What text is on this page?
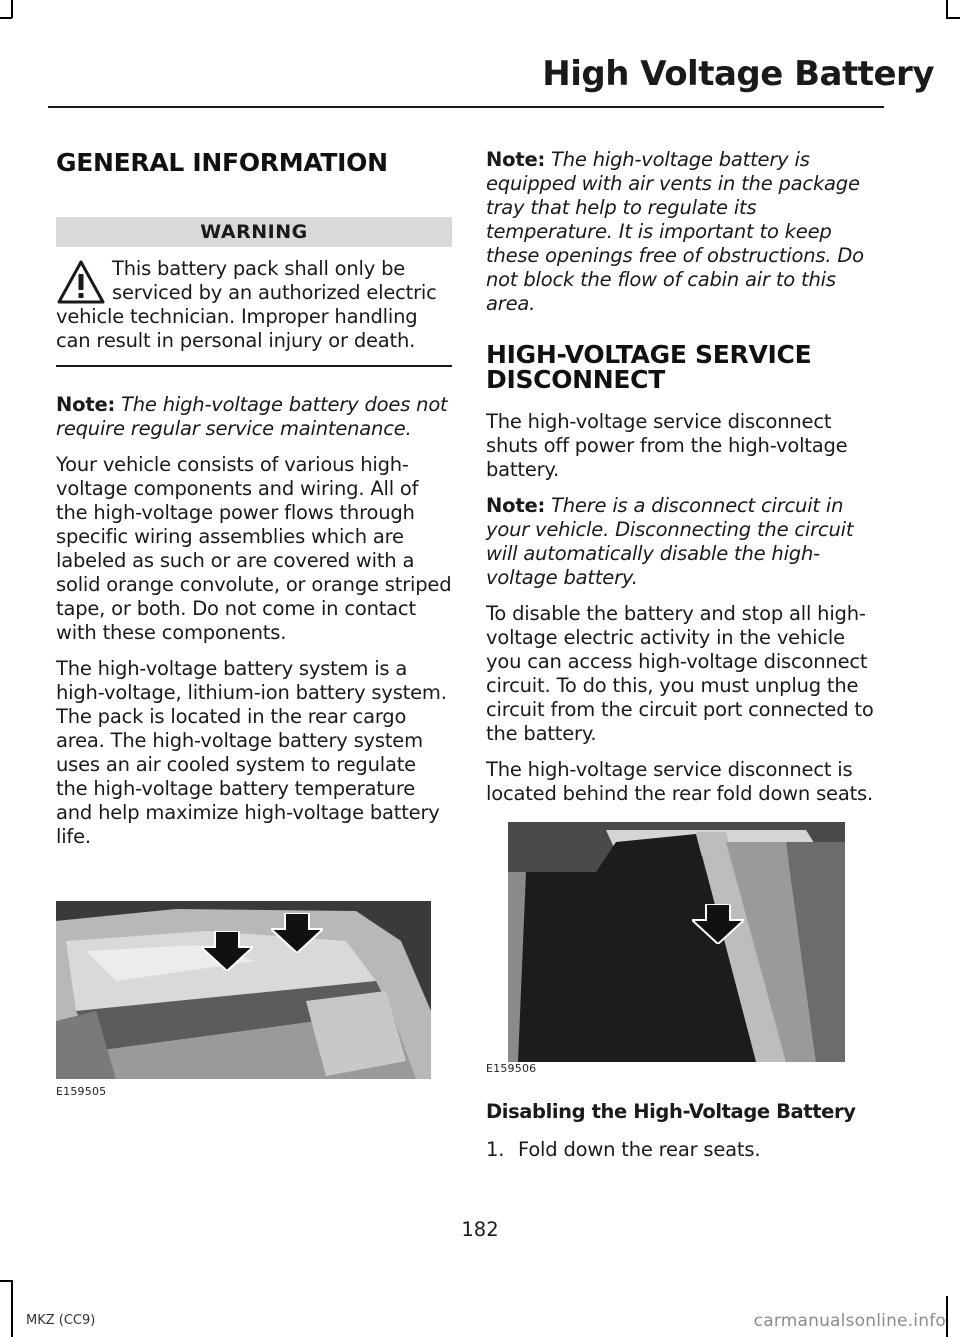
High Voltage Battery
GENERAL INFORMATION
WARNING
This battery pack shall only be serviced by an authorized electric vehicle technician. Improper handling can result in personal injury or death.

Note: The high-voltage battery does not require regular service maintenance.

Your vehicle consists of various high-voltage components and wiring. All of the high-voltage power flows through specific wiring assemblies which are labeled as such or are covered with a solid orange convolute, or orange striped tape, or both. Do not come in contact with these components.

The high-voltage battery system is a high-voltage, lithium-ion battery system. The pack is located in the rear cargo area. The high-voltage battery system uses an air cooled system to regulate the high-voltage battery temperature and help maximize high-voltage battery life.

E159505

Note: The high-voltage battery is equipped with air vents in the package tray that help to regulate its temperature. It is important to keep these openings free of obstructions. Do not block the flow of cabin air to this area.

HIGH-VOLTAGE SERVICE DISCONNECT

The high-voltage service disconnect shuts off power from the high-voltage battery.

Note: There is a disconnect circuit in your vehicle. Disconnecting the circuit will automatically disable the high-voltage battery.

To disable the battery and stop all high-voltage electric activity in the vehicle you can access high-voltage disconnect circuit. To do this, you must unplug the circuit from the circuit port connected to the battery.

The high-voltage service disconnect is located behind the rear fold down seats.

E159506

Disabling the High-Voltage Battery

1. Fold down the rear seats.

182
MKZ (CC9)	carmanualsonline.info
